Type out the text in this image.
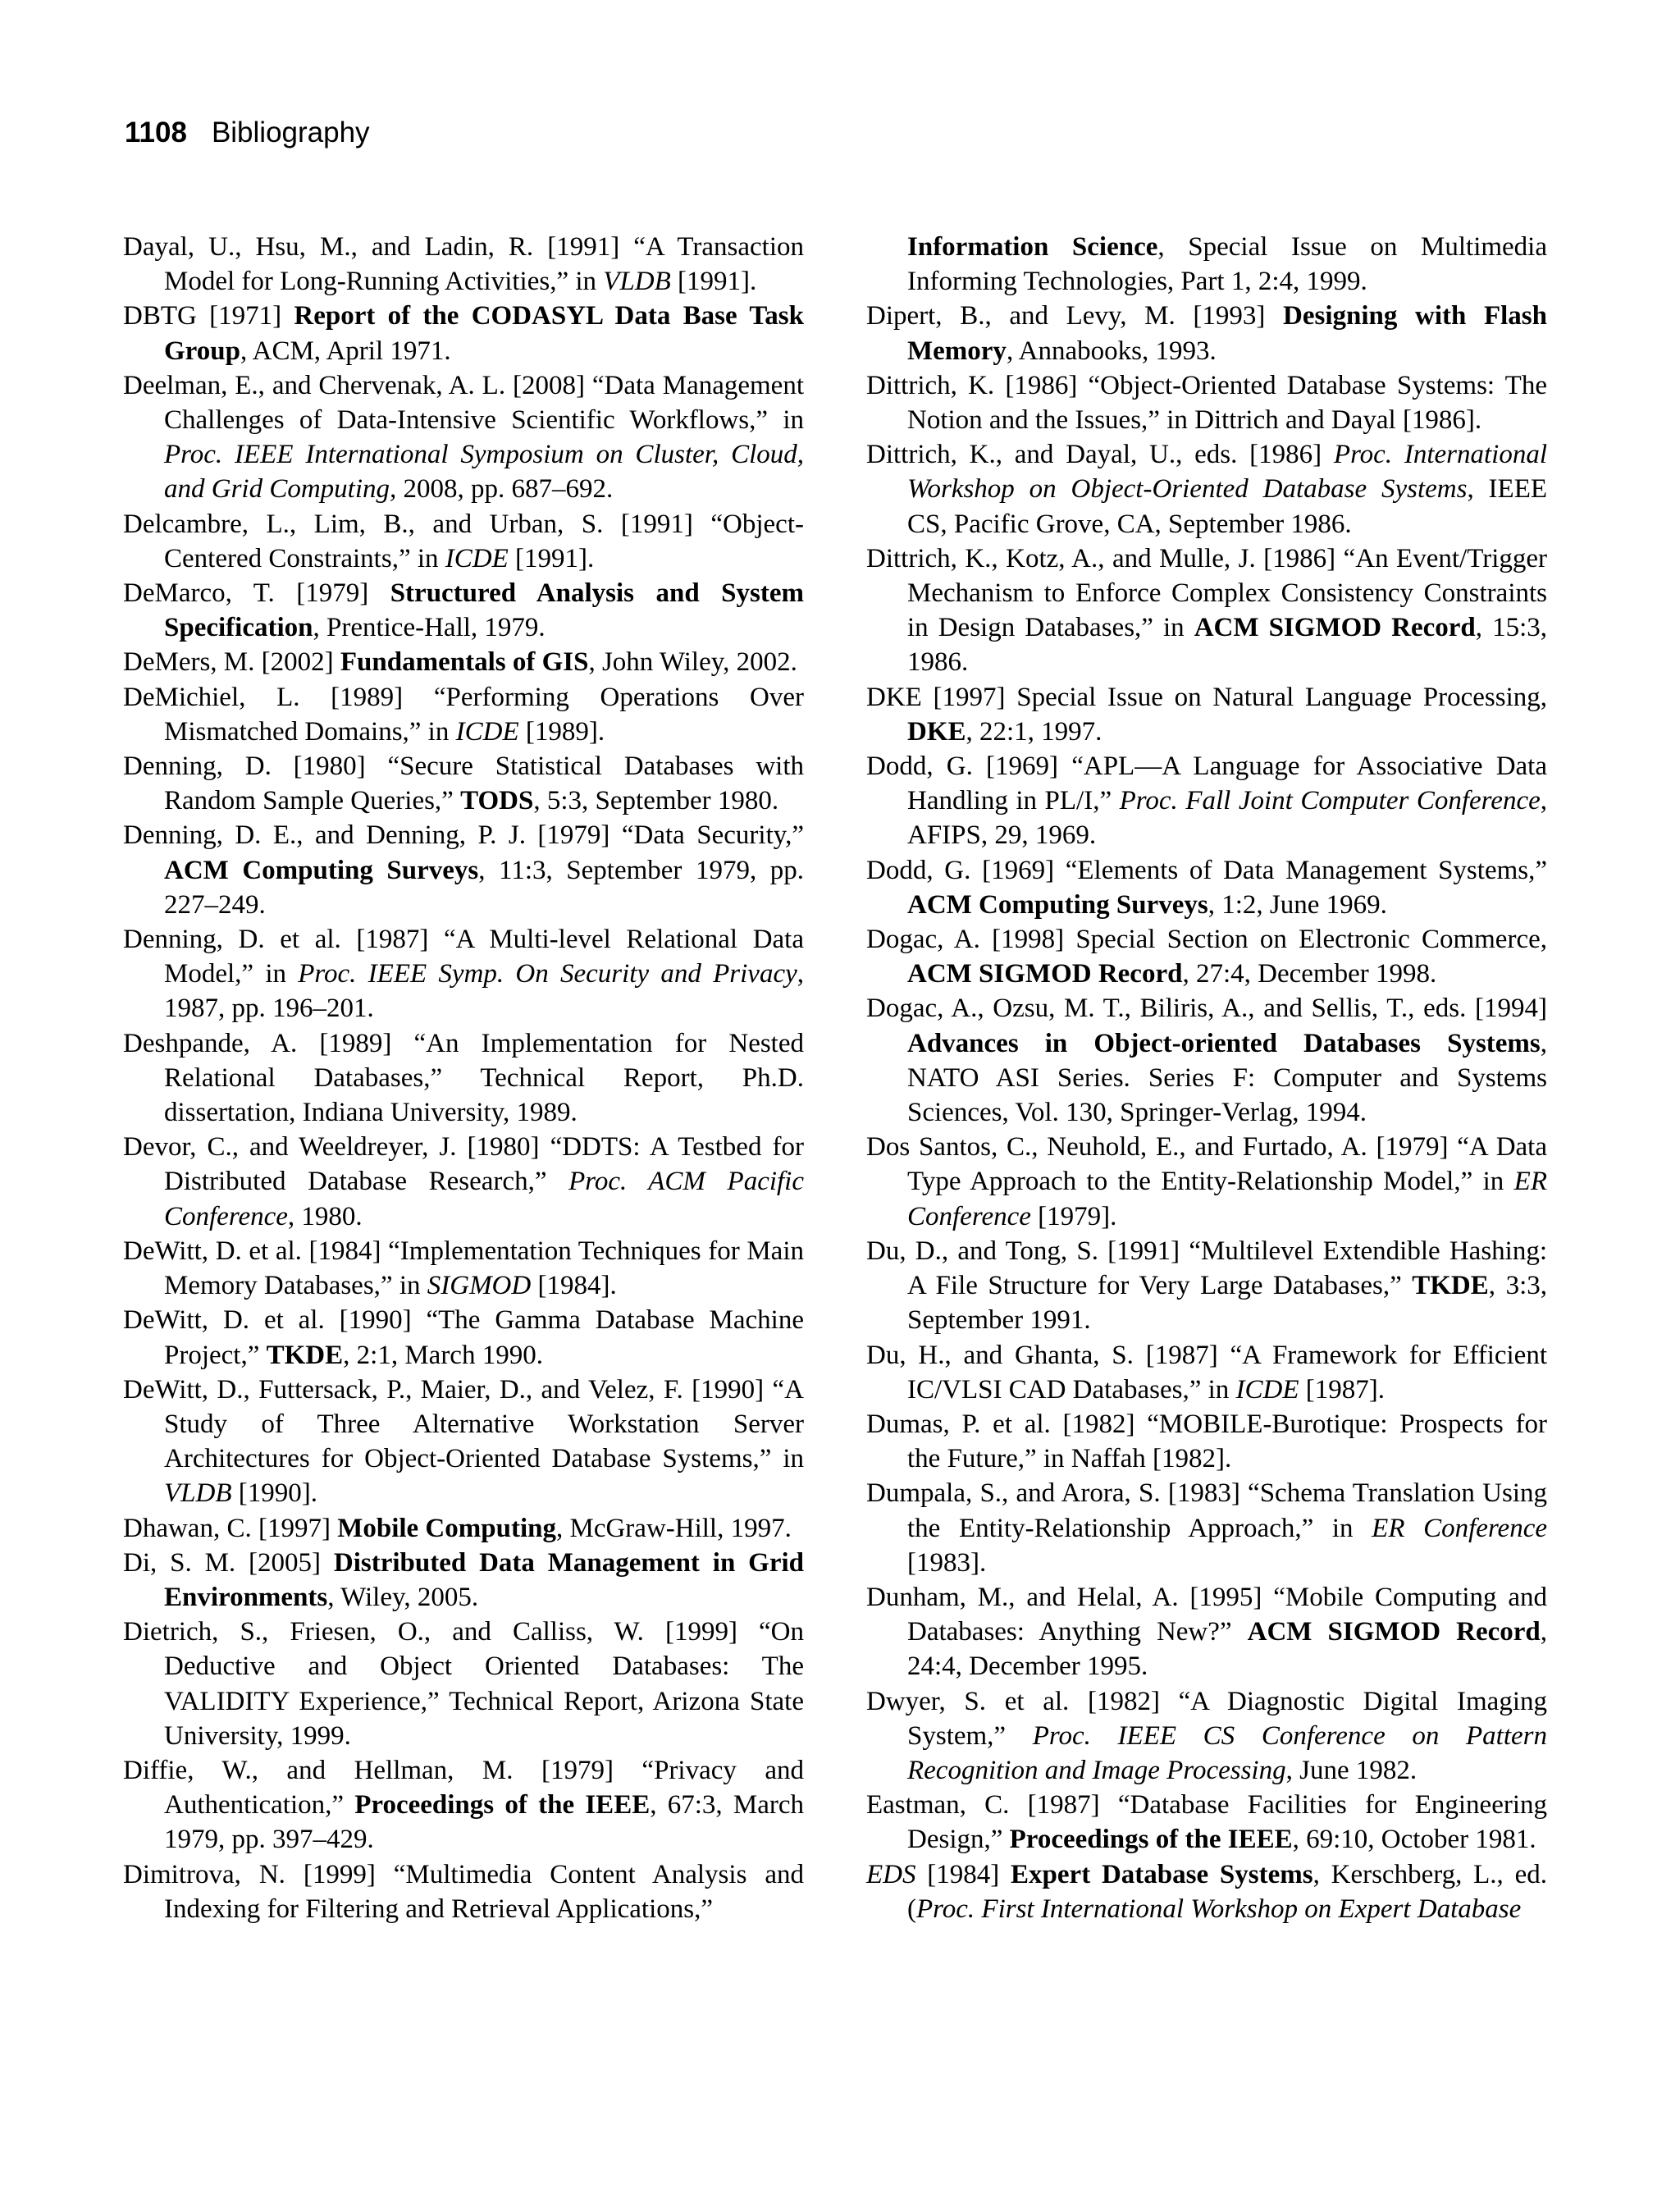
1108 Bibliography

Dayal, U., Hsu, M., and Ladin, R. [1991] “A Transaction Model for Long-Running Activities,” in VLDB [1991].

DBTG [1971] Report of the CODASYL Data Base Task Group, ACM, April 1971.

Deelman, E., and Chervenak, A. L. [2008] “Data Management Challenges of Data-Intensive Scientific Workflows,” in Proc. IEEE International Symposium on Cluster, Cloud, and Grid Computing, 2008, pp. 687–692.

Delcambre, L., Lim, B., and Urban, S. [1991] “Object-Centered Constraints,” in ICDE [1991].

DeMarco, T. [1979] Structured Analysis and System Specification, Prentice-Hall, 1979.

DeMers, M. [2002] Fundamentals of GIS, John Wiley, 2002.

DeMichiel, L. [1989] “Performing Operations Over Mismatched Domains,” in ICDE [1989].

Denning, D. [1980] “Secure Statistical Databases with Random Sample Queries,” TODS, 5:3, September 1980.

Denning, D. E., and Denning, P. J. [1979] “Data Security,” ACM Computing Surveys, 11:3, September 1979, pp. 227–249.

Denning, D. et al. [1987] “A Multi-level Relational Data Model,” in Proc. IEEE Symp. On Security and Privacy, 1987, pp. 196–201.

Deshpande, A. [1989] “An Implementation for Nested Relational Databases,” Technical Report, Ph.D. dissertation, Indiana University, 1989.

Devor, C., and Weeldreyer, J. [1980] “DDTS: A Testbed for Distributed Database Research,” Proc. ACM Pacific Conference, 1980.

DeWitt, D. et al. [1984] “Implementation Techniques for Main Memory Databases,” in SIGMOD [1984].

DeWitt, D. et al. [1990] “The Gamma Database Machine Project,” TKDE, 2:1, March 1990.

DeWitt, D., Futtersack, P., Maier, D., and Velez, F. [1990] “A Study of Three Alternative Workstation Server Architectures for Object-Oriented Database Systems,” in VLDB [1990].

Dhawan, C. [1997] Mobile Computing, McGraw-Hill, 1997.

Di, S. M. [2005] Distributed Data Management in Grid Environments, Wiley, 2005.

Dietrich, S., Friesen, O., and Calliss, W. [1999] “On Deductive and Object Oriented Databases: The VALIDITY Experience,” Technical Report, Arizona State University, 1999.

Diffie, W., and Hellman, M. [1979] “Privacy and Authentication,” Proceedings of the IEEE, 67:3, March 1979, pp. 397–429.

Dimitrova, N. [1999] “Multimedia Content Analysis and Indexing for Filtering and Retrieval Applications,”

Information Science, Special Issue on Multimedia Informing Technologies, Part 1, 2:4, 1999.

Dipert, B., and Levy, M. [1993] Designing with Flash Memory, Annabooks, 1993.

Dittrich, K. [1986] “Object-Oriented Database Systems: The Notion and the Issues,” in Dittrich and Dayal [1986].

Dittrich, K., and Dayal, U., eds. [1986] Proc. International Workshop on Object-Oriented Database Systems, IEEE CS, Pacific Grove, CA, September 1986.

Dittrich, K., Kotz, A., and Mulle, J. [1986] “An Event/Trigger Mechanism to Enforce Complex Consistency Constraints in Design Databases,” in ACM SIGMOD Record, 15:3, 1986.

DKE [1997] Special Issue on Natural Language Processing, DKE, 22:1, 1997.

Dodd, G. [1969] “APL—A Language for Associative Data Handling in PL/I,” Proc. Fall Joint Computer Conference, AFIPS, 29, 1969.

Dodd, G. [1969] “Elements of Data Management Systems,” ACM Computing Surveys, 1:2, June 1969.

Dogac, A. [1998] Special Section on Electronic Commerce, ACM SIGMOD Record, 27:4, December 1998.

Dogac, A., Ozsu, M. T., Biliris, A., and Sellis, T., eds. [1994] Advances in Object-oriented Databases Systems, NATO ASI Series. Series F: Computer and Systems Sciences, Vol. 130, Springer-Verlag, 1994.

Dos Santos, C., Neuhold, E., and Furtado, A. [1979] “A Data Type Approach to the Entity-Relationship Model,” in ER Conference [1979].

Du, D., and Tong, S. [1991] “Multilevel Extendible Hashing: A File Structure for Very Large Databases,” TKDE, 3:3, September 1991.

Du, H., and Ghanta, S. [1987] “A Framework for Efficient IC/VLSI CAD Databases,” in ICDE [1987].

Dumas, P. et al. [1982] “MOBILE-Burotique: Prospects for the Future,” in Naffah [1982].

Dumpala, S., and Arora, S. [1983] “Schema Translation Using the Entity-Relationship Approach,” in ER Conference [1983].

Dunham, M., and Helal, A. [1995] “Mobile Computing and Databases: Anything New?” ACM SIGMOD Record, 24:4, December 1995.

Dwyer, S. et al. [1982] “A Diagnostic Digital Imaging System,” Proc. IEEE CS Conference on Pattern Recognition and Image Processing, June 1982.

Eastman, C. [1987] “Database Facilities for Engineering Design,” Proceedings of the IEEE, 69:10, October 1981.

EDS [1984] Expert Database Systems, Kerschberg, L., ed. (Proc. First International Workshop on Expert Database
